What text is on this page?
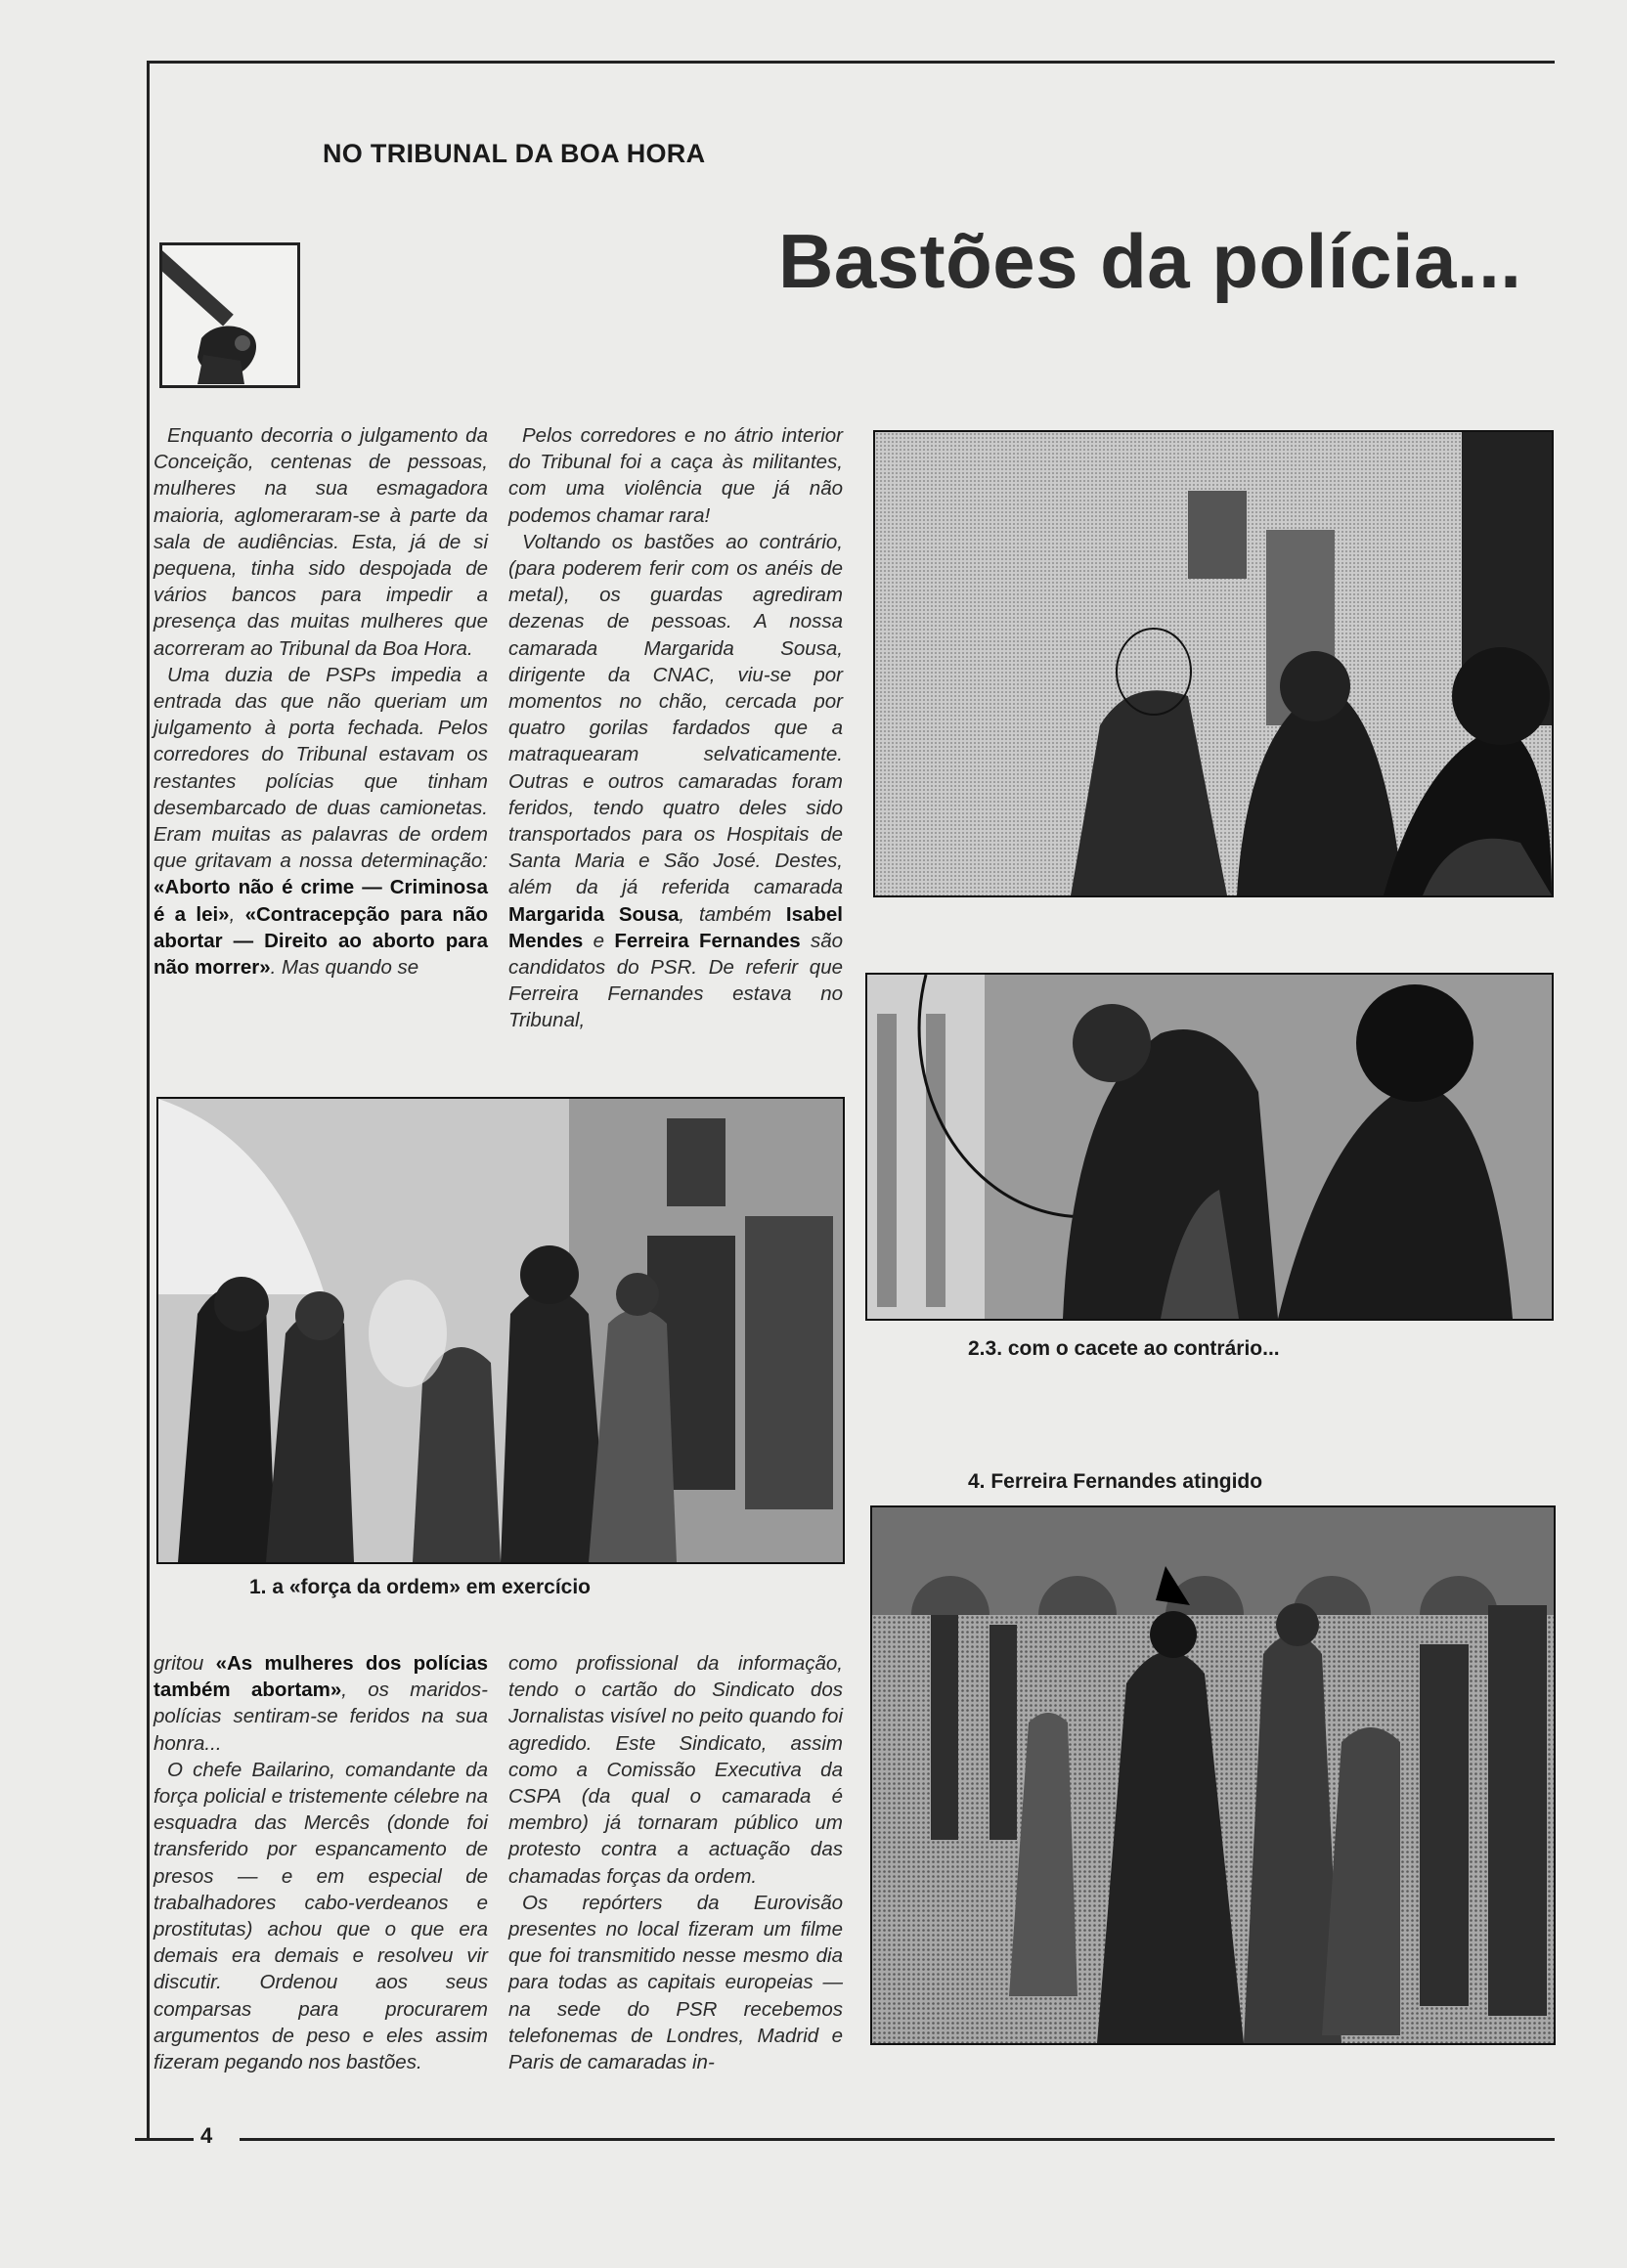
4
NO TRIBUNAL DA BOA HORA
Bastões da polícia...

Enquanto decorria o julgamento da Conceição, centenas de pessoas, mulheres na sua esmagadora maioria, aglomeraram-se à parte da sala de audiências. Esta, já de si pequena, tinha sido despojada de vários bancos para impedir a presença das muitas mulheres que acorreram ao Tribunal da Boa Hora.

Uma duzia de PSPs impedia a entrada das que não queriam um julgamento à porta fechada. Pelos corredores do Tribunal estavam os restantes polícias que tinham desembarcado de duas camionetas. Eram muitas as palavras de ordem que gritavam a nossa determinação: «Aborto não é crime — Criminosa é a lei», «Contracepção para não abortar — Direito ao aborto para não morrer». Mas quando se

Pelos corredores e no átrio interior do Tribunal foi a caça às militantes, com uma violência que já não podemos chamar rara!

Voltando os bastões ao contrário, (para poderem ferir com os anéis de metal), os guardas agrediram dezenas de pessoas. A nossa camarada Margarida Sousa, dirigente da CNAC, viu-se por momentos no chão, cercada por quatro gorilas fardados que a matraquearam selvaticamente. Outras e outros camaradas foram feridos, tendo quatro deles sido transportados para os Hospitais de Santa Maria e São José. Destes, além da já referida camarada Margarida Sousa, também Isabel Mendes e Ferreira Fernandes são candidatos do PSR. De referir que Ferreira Fernandes estava no Tribunal,

2.3. com o cacete ao contrário...
4. Ferreira Fernandes atingido
1. a «força da ordem» em exercício

gritou «As mulheres dos polícias também abortam», os maridos-polícias sentiram-se feridos na sua honra...

O chefe Bailarino, comandante da força policial e tristemente célebre na esquadra das Mercês (donde foi transferido por espancamento de presos — e em especial de trabalhadores cabo-verdeanos e prostitutas) achou que o que era demais era demais e resolveu vir discutir. Ordenou aos seus comparsas para procurarem argumentos de peso e eles assim fizeram pegando nos bastões.

como profissional da informação, tendo o cartão do Sindicato dos Jornalistas visível no peito quando foi agredido. Este Sindicato, assim como a Comissão Executiva da CSPA (da qual o camarada é membro) já tornaram público um protesto contra a actuação das chamadas forças da ordem.

Os repórters da Eurovisão presentes no local fizeram um filme que foi transmitido nesse mesmo dia para todas as capitais europeias — na sede do PSR recebemos telefonemas de Londres, Madrid e Paris de camaradas in-
